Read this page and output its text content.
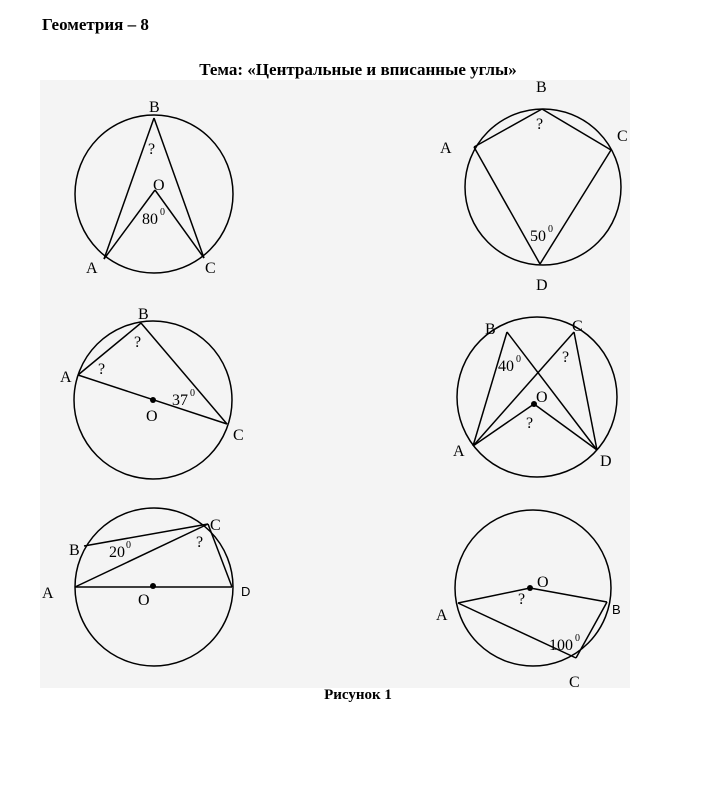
Геометрия – 8
Тема: «Центральные и вписанные углы»
B
A	C
O
?
80 0
B
A
C
D
?
50 0
B
A
C
O
?
?
37 0
B	C
A
D
O
?
?
40 0
A
B
C
D
O
?
20 0
O
A	B
C
?
100 0
Рисунок 1
